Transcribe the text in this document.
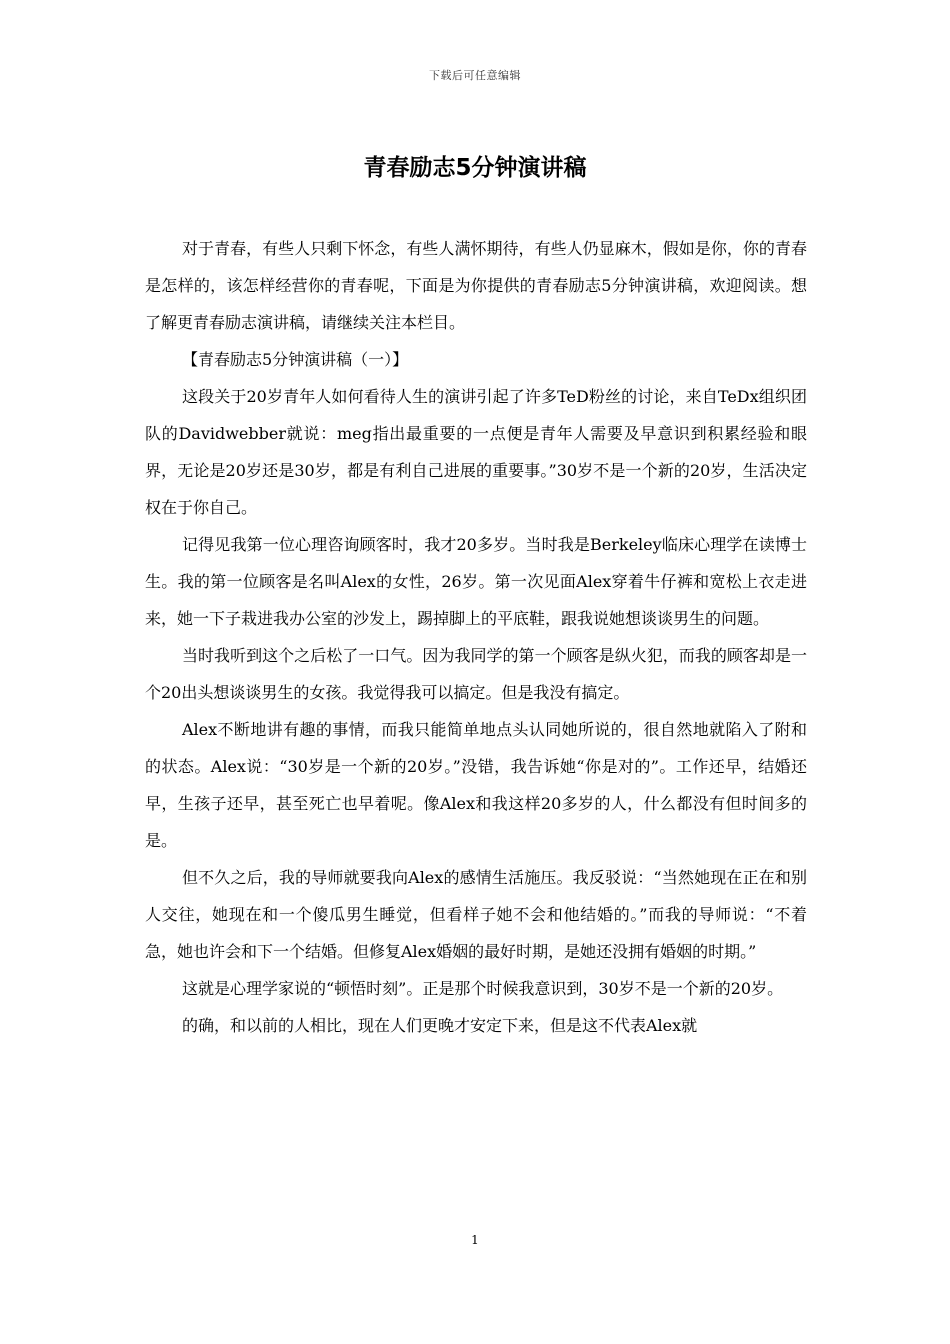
下载后可任意编辑
青春励志5分钟演讲稿

对于青春，有些人只剩下怀念，有些人满怀期待，有些人仍显麻木，假如是你，你的青春是怎样的，该怎样经营你的青春呢，下面是为你提供的青春励志5分钟演讲稿，欢迎阅读。想了解更青春励志演讲稿，请继续关注本栏目。

【青春励志5分钟演讲稿（一）】

这段关于20岁青年人如何看待人生的演讲引起了许多TeD粉丝的讨论，来自TeDx组织团队的Davidwebber就说：meg指出最重要的一点便是青年人需要及早意识到积累经验和眼界，无论是20岁还是30岁，都是有利自己进展的重要事。”30岁不是一个新的20岁，生活决定权在于你自己。

记得见我第一位心理咨询顾客时，我才20多岁。当时我是Berkeley临床心理学在读博士生。我的第一位顾客是名叫Alex的女性，26岁。第一次见面Alex穿着牛仔裤和宽松上衣走进来，她一下子栽进我办公室的沙发上，踢掉脚上的平底鞋，跟我说她想谈谈男生的问题。

当时我听到这个之后松了一口气。因为我同学的第一个顾客是纵火犯，而我的顾客却是一个20出头想谈谈男生的女孩。我觉得我可以搞定。但是我没有搞定。

Alex不断地讲有趣的事情，而我只能简单地点头认同她所说的，很自然地就陷入了附和的状态。Alex说：“30岁是一个新的20岁。”没错，我告诉她“你是对的”。工作还早，结婚还早，生孩子还早，甚至死亡也早着呢。像Alex和我这样20多岁的人，什么都没有但时间多的是。

但不久之后，我的导师就要我向Alex的感情生活施压。我反驳说：“当然她现在正在和别人交往，她现在和一个傻瓜男生睡觉，但看样子她不会和他结婚的。”而我的导师说：“不着急，她也许会和下一个结婚。但修复Alex婚姻的最好时期，是她还没拥有婚姻的时期。”

这就是心理学家说的“顿悟时刻”。正是那个时候我意识到，30岁不是一个新的20岁。

的确，和以前的人相比，现在人们更晚才安定下来，但是这不代表Alex就

1
